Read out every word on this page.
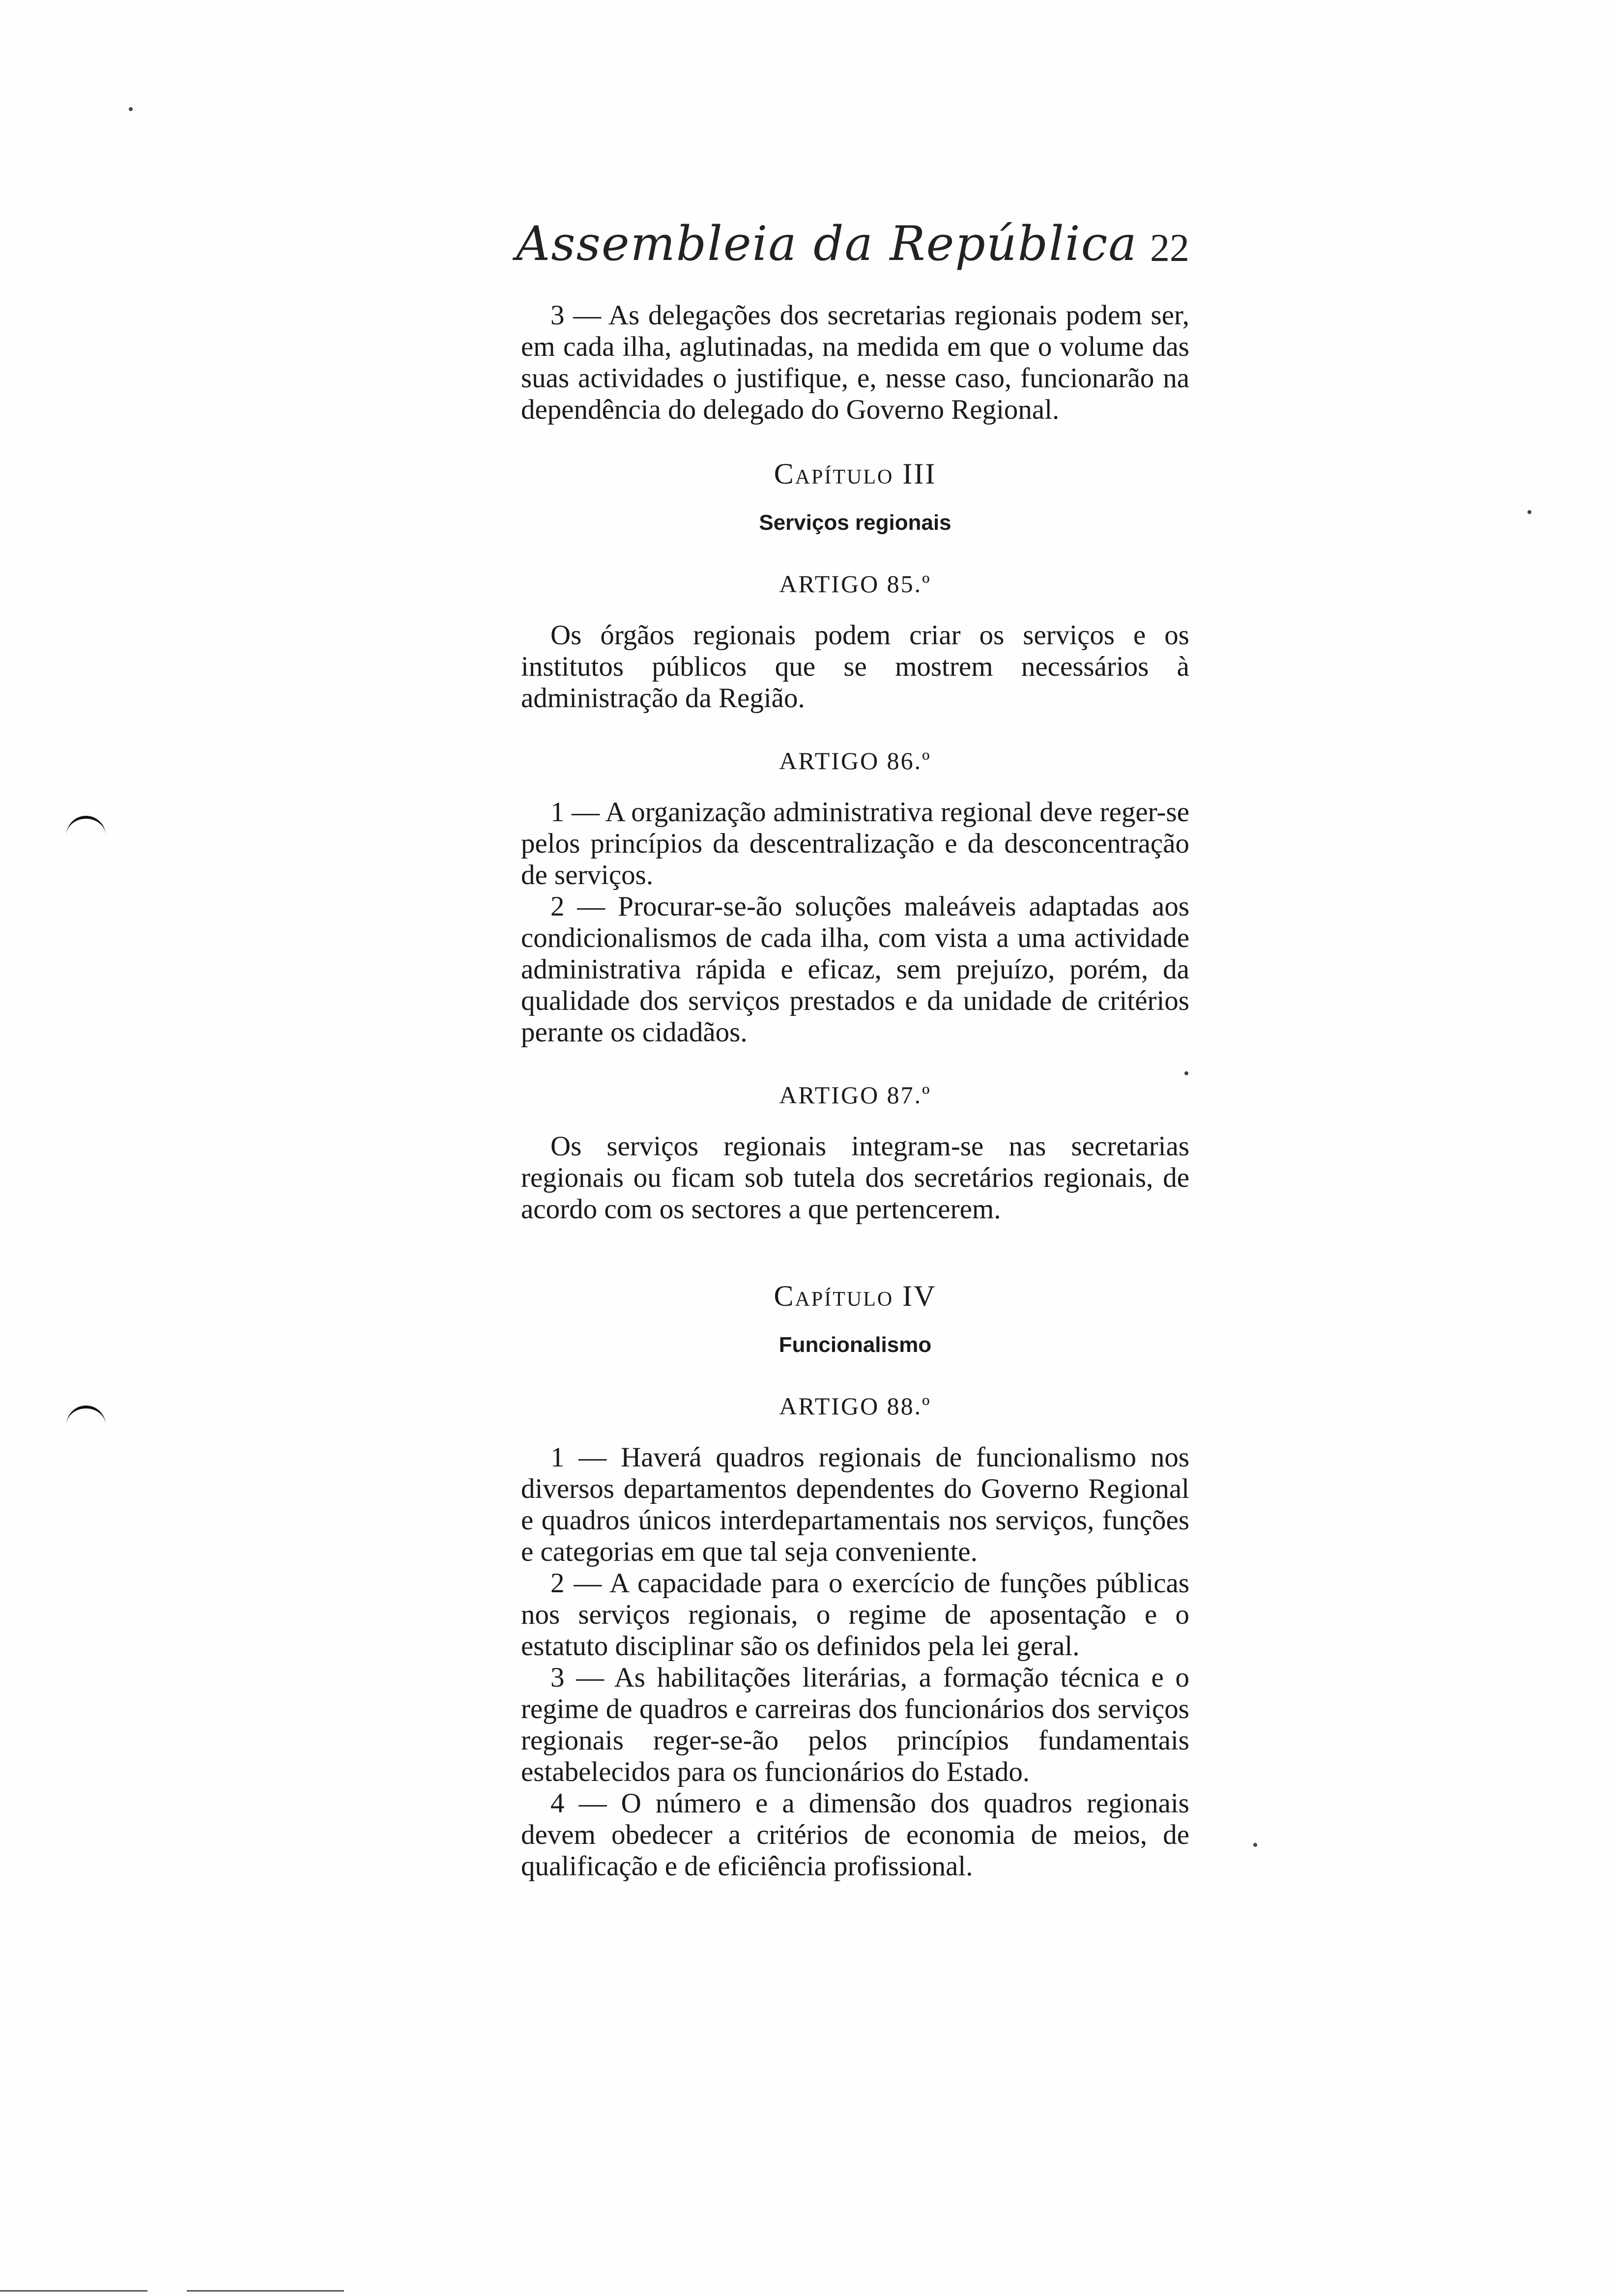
Assembleia da República 22

3 — As delegações dos secretarias regionais podem ser, em cada ilha, aglutinadas, na medida em que o volume das suas actividades o justifique, e, nesse caso, funcionarão na dependência do delegado do Governo Regional.

Capítulo III

Serviços regionais

ARTIGO 85.º

Os órgãos regionais podem criar os serviços e os institutos públicos que se mostrem necessários à administração da Região.

ARTIGO 86.º

1 — A organização administrativa regional deve reger-se pelos princípios da descentralização e da desconcentração de serviços.

2 — Procurar-se-ão soluções maleáveis adaptadas aos condicionalismos de cada ilha, com vista a uma actividade administrativa rápida e eficaz, sem prejuízo, porém, da qualidade dos serviços prestados e da unidade de critérios perante os cidadãos.

ARTIGO 87.º

Os serviços regionais integram-se nas secretarias regionais ou ficam sob tutela dos secretários regionais, de acordo com os sectores a que pertencerem.

Capítulo IV

Funcionalismo

ARTIGO 88.º

1 — Haverá quadros regionais de funcionalismo nos diversos departamentos dependentes do Governo Regional e quadros únicos interdepartamentais nos serviços, funções e categorias em que tal seja conveniente.

2 — A capacidade para o exercício de funções públicas nos serviços regionais, o regime de aposentação e o estatuto disciplinar são os definidos pela lei geral.

3 — As habilitações literárias, a formação técnica e o regime de quadros e carreiras dos funcionários dos serviços regionais reger-se-ão pelos princípios fundamentais estabelecidos para os funcionários do Estado.

4 — O número e a dimensão dos quadros regionais devem obedecer a critérios de economia de meios, de qualificação e de eficiência profissional.
